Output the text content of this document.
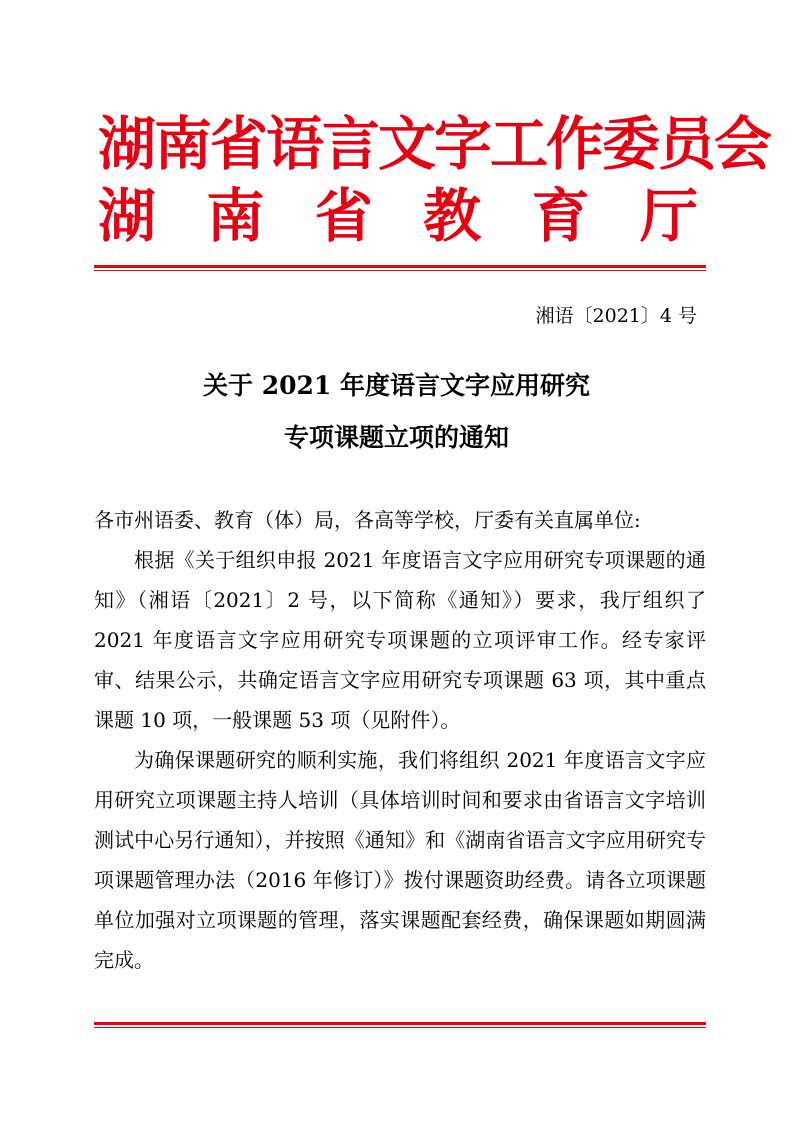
湖南省语言文字工作委员会
湖 南 省 教 育 厅
湘语〔2021〕4 号
关于 2021 年度语言文字应用研究
专项课题立项的通知

各市州语委、教育（体）局，各高等学校，厅委有关直属单位:

根据《关于组织申报 2021 年度语言文字应用研究专项课题的通知》（湘语〔2021〕2 号，以下简称《通知》）要求，我厅组织了 2021 年度语言文字应用研究专项课题的立项评审工作。经专家评审、结果公示，共确定语言文字应用研究专项课题 63 项，其中重点课题 10 项，一般课题 53 项（见附件）。

为确保课题研究的顺利实施，我们将组织 2021 年度语言文字应用研究立项课题主持人培训（具体培训时间和要求由省语言文字培训测试中心另行通知），并按照《通知》和《湖南省语言文字应用研究专项课题管理办法（2016 年修订）》拨付课题资助经费。请各立项课题单位加强对立项课题的管理，落实课题配套经费，确保课题如期圆满完成。
